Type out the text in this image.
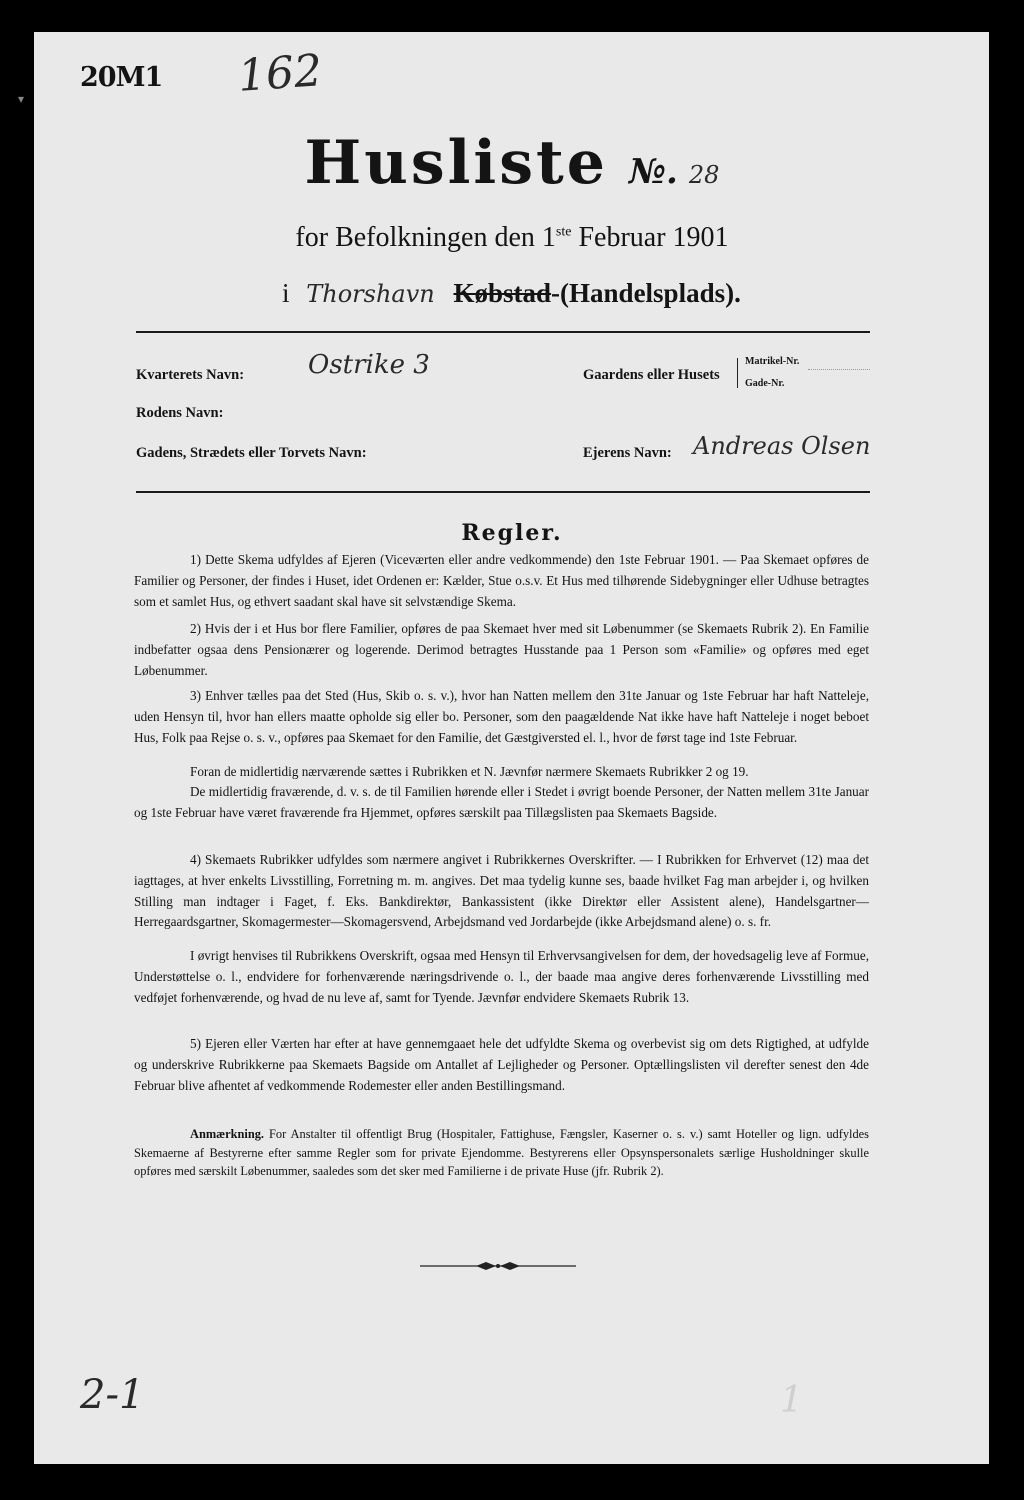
▾
20M1 162
Husliste №. 28
for Befolkningen den 1ste Februar 1901
i Thorshavn Købstad-(Handelsplads).
Kvarterets Navn: Ostrike 3	Gaardens eller Husets
Matrikel-Nr.
Gade-Nr.
Rodens Navn:
Gadens, Strædets eller Torvets Navn:	Ejerens Navn: Andreas Olsen
Regler.

1) Dette Skema udfyldes af Ejeren (Viceværten eller andre vedkommende) den 1ste Februar 1901. — Paa Skemaet opføres de Familier og Personer, der findes i Huset, idet Ordenen er: Kælder, Stue o.s.v. Et Hus med tilhørende Sidebygninger eller Udhuse betragtes som et samlet Hus, og ethvert saadant skal have sit selvstændige Skema.

2) Hvis der i et Hus bor flere Familier, opføres de paa Skemaet hver med sit Løbenummer (se Skemaets Rubrik 2). En Familie indbefatter ogsaa dens Pensionærer og logerende. Derimod betragtes Husstande paa 1 Person som «Familie» og opføres med eget Løbenummer.

3) Enhver tælles paa det Sted (Hus, Skib o. s. v.), hvor han Natten mellem den 31te Januar og 1ste Februar har haft Natteleje, uden Hensyn til, hvor han ellers maatte opholde sig eller bo. Personer, som den paagældende Nat ikke have haft Natteleje i noget beboet Hus, Folk paa Rejse o. s. v., opføres paa Skemaet for den Familie, det Gæstgiversted el. l., hvor de først tage ind 1ste Februar.

Foran de midlertidig nærværende sættes i Rubrikken et N. Jævnfør nærmere Skemaets Rubrikker 2 og 19.

De midlertidig fraværende, d. v. s. de til Familien hørende eller i Stedet i øvrigt boende Personer, der Natten mellem 31te Januar og 1ste Februar have været fraværende fra Hjemmet, opføres særskilt paa Tillægslisten paa Skemaets Bagside.

4) Skemaets Rubrikker udfyldes som nærmere angivet i Rubrikkernes Overskrifter. — I Rubrikken for Erhvervet (12) maa det iagttages, at hver enkelts Livsstilling, Forretning m. m. angives. Det maa tydelig kunne ses, baade hvilket Fag man arbejder i, og hvilken Stilling man indtager i Faget, f. Eks. Bankdirektør, Bankassistent (ikke Direktør eller Assistent alene), Handelsgartner—Herregaardsgartner, Skomagermester—Skomagersvend, Arbejdsmand ved Jordarbejde (ikke Arbejdsmand alene) o. s. fr.

I øvrigt henvises til Rubrikkens Overskrift, ogsaa med Hensyn til Erhvervsangivelsen for dem, der hovedsagelig leve af Formue, Understøttelse o. l., endvidere for forhenværende næringsdrivende o. l., der baade maa angive deres forhenværende Livsstilling med vedføjet forhenværende, og hvad de nu leve af, samt for Tyende. Jævnfør endvidere Skemaets Rubrik 13.

5) Ejeren eller Værten har efter at have gennemgaaet hele det udfyldte Skema og overbevist sig om dets Rigtighed, at udfylde og underskrive Rubrikkerne paa Skemaets Bagside om Antallet af Lejligheder og Personer. Optællingslisten vil derefter senest den 4de Februar blive afhentet af vedkommende Rodemester eller anden Bestillingsmand.

Anmærkning. For Anstalter til offentligt Brug (Hospitaler, Fattighuse, Fængsler, Kaserner o. s. v.) samt Hoteller og lign. udfyldes Skemaerne af Bestyrerne efter samme Regler som for private Ejendomme. Bestyrerens eller Opsynspersonalets særlige Husholdninger skulle opføres med særskilt Løbenummer, saaledes som det sker med Familierne i de private Huse (jfr. Rubrik 2).

2-1	1
